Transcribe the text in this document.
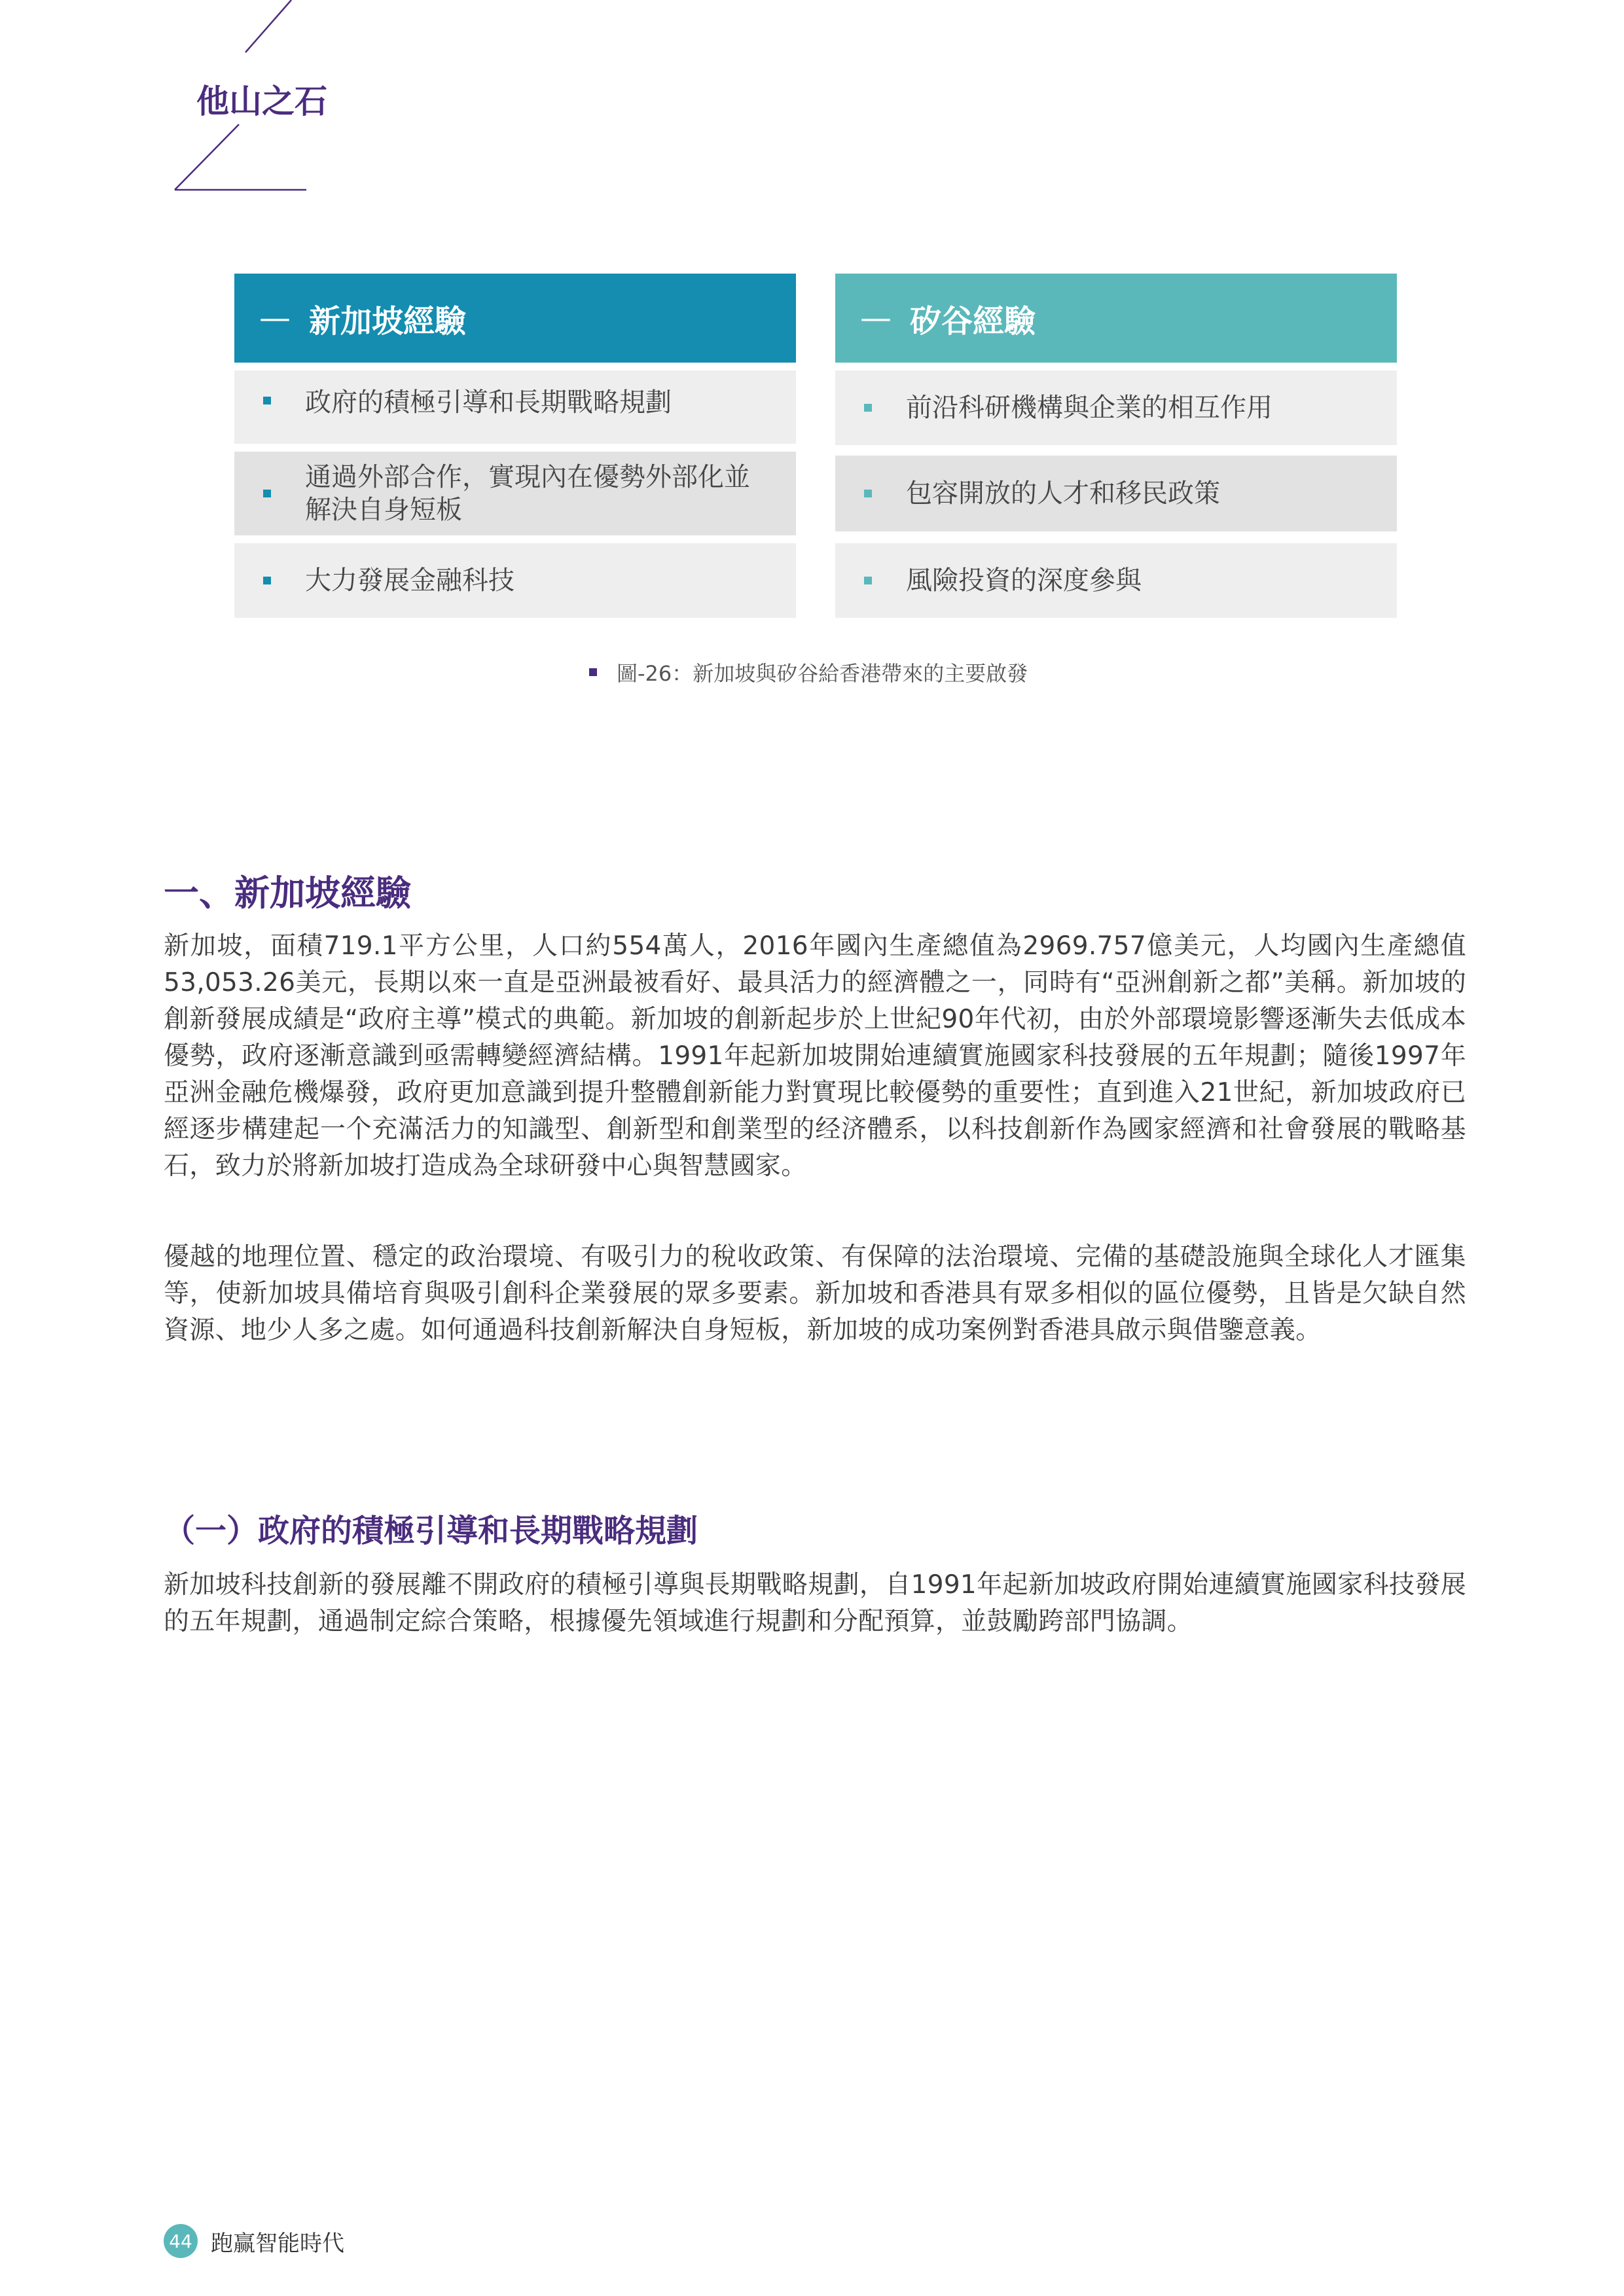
他山之石
— 新加坡經驗
政府的積極引導和長期戰略規劃
通過外部合作，實現內在優勢外部化並 解決自身短板
大力發展金融科技
— 矽谷經驗
前沿科研機構與企業的相互作用
包容開放的人才和移民政策
風險投資的深度參與
圖-26：新加坡與矽谷給香港帶來的主要啟發
一、新加坡經驗

新加坡，面積719.1平方公里，人口約554萬人，2016年國內生產總值為2969.757億美元，人均國內生產總值53,053.26美元，長期以來一直是亞洲最被看好、最具活力的經濟體之一，同時有“亞洲創新之都”美稱。新加坡的創新發展成績是“政府主導”模式的典範。新加坡的創新起步於上世紀90年代初，由於外部環境影響逐漸失去低成本優勢，政府逐漸意識到亟需轉變經濟結構。1991年起新加坡開始連續實施國家科技發展的五年規劃；隨後1997年亞洲金融危機爆發，政府更加意識到提升整體創新能力對實現比較優勢的重要性；直到進入21世紀，新加坡政府已經逐步構建起一个充滿活力的知識型、創新型和創業型的经济體系，以科技創新作為國家經濟和社會發展的戰略基石，致力於將新加坡打造成為全球研發中心與智慧國家。

優越的地理位置、穩定的政治環境、有吸引力的稅收政策、有保障的法治環境、完備的基礎設施與全球化人才匯集等，使新加坡具備培育與吸引創科企業發展的眾多要素。新加坡和香港具有眾多相似的區位優勢，且皆是欠缺自然資源、地少人多之處。如何通過科技創新解決自身短板，新加坡的成功案例對香港具啟示與借鑒意義。

（一）政府的積極引導和長期戰略規劃

新加坡科技創新的發展離不開政府的積極引導與長期戰略規劃，自1991年起新加坡政府開始連續實施國家科技發展的五年規劃，通過制定綜合策略，根據優先領域進行規劃和分配預算，並鼓勵跨部門協調。

44 跑赢智能時代
